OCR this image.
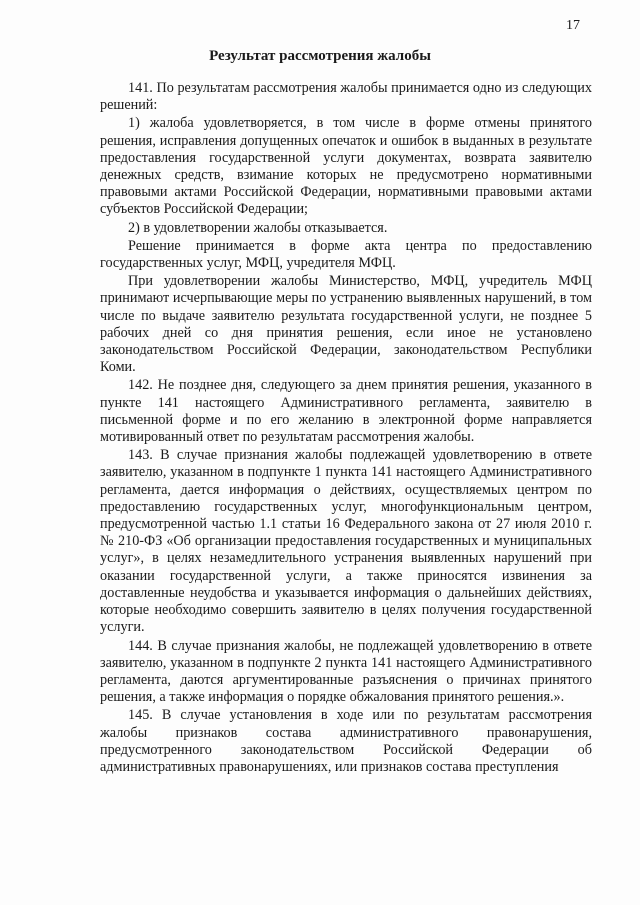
17
Результат рассмотрения жалобы

141. По результатам рассмотрения жалобы принимается одно из следующих решений:

1) жалоба удовлетворяется, в том числе в форме отмены принятого решения, исправления допущенных опечаток и ошибок в выданных в результате предоставления государственной услуги документах, возврата заявителю денежных средств, взимание которых не предусмотрено нормативными правовыми актами Российской Федерации, нормативными правовыми актами субъектов Российской Федерации;

2) в удовлетворении жалобы отказывается.

Решение принимается в форме акта центра по предоставлению государственных услуг, МФЦ, учредителя МФЦ.

При удовлетворении жалобы Министерство, МФЦ, учредитель МФЦ принимают исчерпывающие меры по устранению выявленных нарушений, в том числе по выдаче заявителю результата государственной услуги, не позднее 5 рабочих дней со дня принятия решения, если иное не установлено законодательством Российской Федерации, законодательством Республики Коми.

142. Не позднее дня, следующего за днем принятия решения, указанного в пункте 141 настоящего Административного регламента, заявителю в письменной форме и по его желанию в электронной форме направляется мотивированный ответ по результатам рассмотрения жалобы.

143. В случае признания жалобы подлежащей удовлетворению в ответе заявителю, указанном в подпункте 1 пункта 141 настоящего Административного регламента, дается информация о действиях, осуществляемых центром по предоставлению государственных услуг, многофункциональным центром, предусмотренной частью 1.1 статьи 16 Федерального закона от 27 июля 2010 г. № 210-ФЗ «Об организации предоставления государственных и муниципальных услуг», в целях незамедлительного устранения выявленных нарушений при оказании государственной услуги, а также приносятся извинения за доставленные неудобства и указывается информация о дальнейших действиях, которые необходимо совершить заявителю в целях получения государственной услуги.

144. В случае признания жалобы, не подлежащей удовлетворению в ответе заявителю, указанном в подпункте 2 пункта 141 настоящего Административного регламента, даются аргументированные разъяснения о причинах принятого решения, а также информация о порядке обжалования принятого решения.».

145. В случае установления в ходе или по результатам рассмотрения жалобы признаков состава административного правонарушения, предусмотренного законодательством Российской Федерации об административных правонарушениях, или признаков состава преступления
